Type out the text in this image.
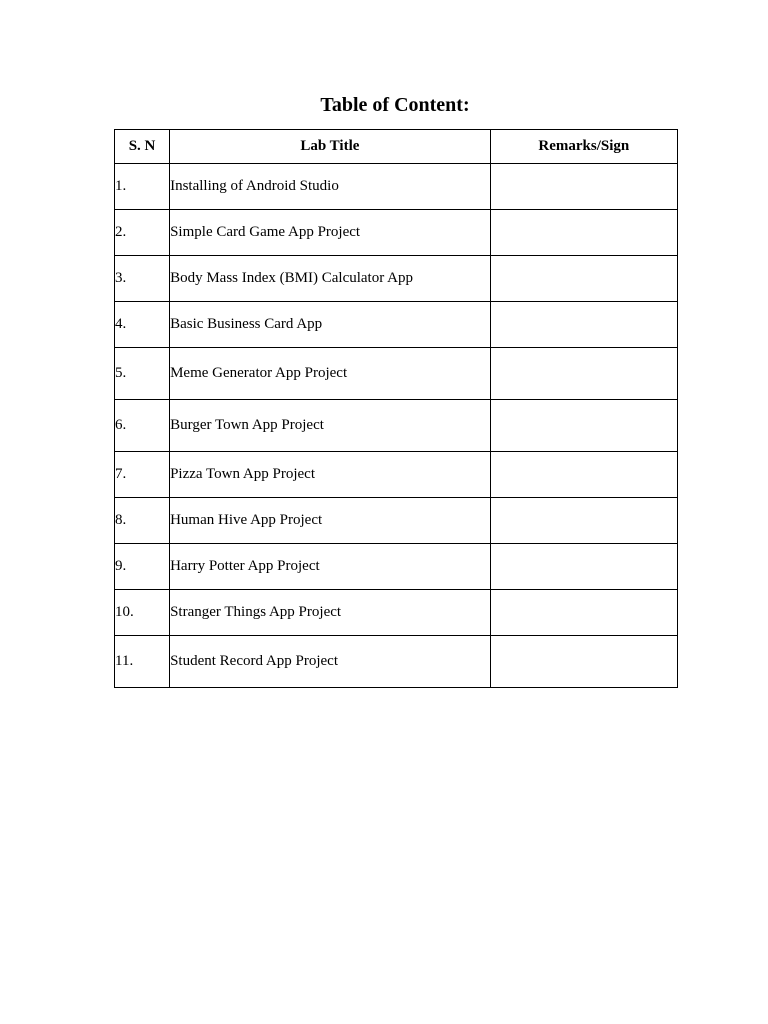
Table of Content:
S. N	Lab Title	Remarks/Sign
1.	Installing of Android Studio	
2.	Simple Card Game App Project	
3.	Body Mass Index (BMI) Calculator App	
4.	Basic Business Card App	
5.	Meme Generator App Project	
6.	Burger Town App Project	
7.	Pizza Town App Project	
8.	Human Hive App Project	
9.	Harry Potter App Project	
10.	Stranger Things App Project	
11.	Student Record App Project	
